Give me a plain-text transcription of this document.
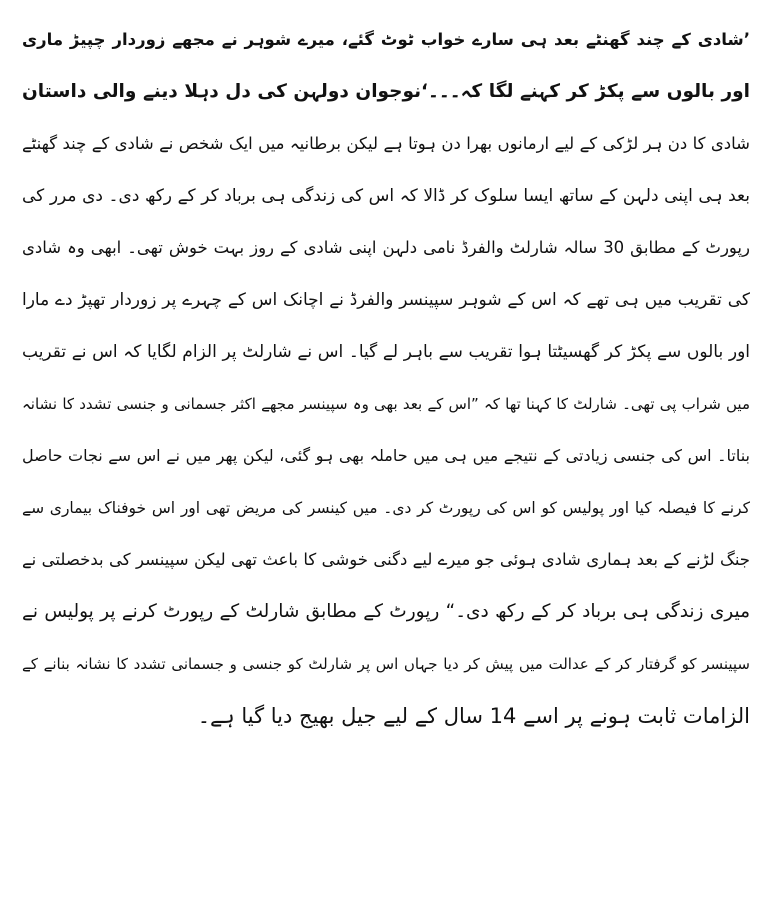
’شادی کے چند گھنٹے بعد ہی سارے خواب ٹوٹ گئے، میرے شوہر نے مجھے زوردار چپیڑ ماری
اور بالوں سے پکڑ کر کہنے لگا کہ۔۔۔‘نوجوان دولہن کی دل دہلا دینے والی داستان
شادی کا دن ہر لڑکی کے لیے ارمانوں بھرا دن ہوتا ہے لیکن برطانیہ میں ایک شخص نے شادی کے چند گھنٹے
بعد ہی اپنی دلہن کے ساتھ ایسا سلوک کر ڈالا کہ اس کی زندگی ہی برباد کر کے رکھ دی۔ دی مرر کی
رپورٹ کے مطابق 30 سالہ شارلٹ والفرڈ نامی دلہن اپنی شادی کے روز بہت خوش تھی۔ ابھی وہ شادی
کی تقریب میں ہی تھے کہ اس کے شوہر سپینسر والفرڈ نے اچانک اس کے چہرے پر زوردار تھپڑ دے مارا
اور بالوں سے پکڑ کر گھسیٹتا ہوا تقریب سے باہر لے گیا۔ اس نے شارلٹ پر الزام لگایا کہ اس نے تقریب
میں شراب پی تھی۔ شارلٹ کا کہنا تھا کہ ”اس کے بعد بھی وہ سپینسر مجھے اکثر جسمانی و جنسی تشدد کا نشانہ
بناتا۔ اس کی جنسی زیادتی کے نتیجے میں ہی میں حاملہ بھی ہو گئی، لیکن پھر میں نے اس سے نجات حاصل
کرنے کا فیصلہ کیا اور پولیس کو اس کی رپورٹ کر دی۔ میں کینسر کی مریض تھی اور اس خوفناک بیماری سے
جنگ لڑنے کے بعد ہماری شادی ہوئی جو میرے لیے دگنی خوشی کا باعث تھی لیکن سپینسر کی بدخصلتی نے
میری زندگی ہی برباد کر کے رکھ دی۔“ رپورٹ کے مطابق شارلٹ کے رپورٹ کرنے پر پولیس نے
سپینسر کو گرفتار کر کے عدالت میں پیش کر دیا جہاں اس پر شارلٹ کو جنسی و جسمانی تشدد کا نشانہ بنانے کے
الزامات ثابت ہونے پر اسے 14 سال کے لیے جیل بھیج دیا گیا ہے۔
